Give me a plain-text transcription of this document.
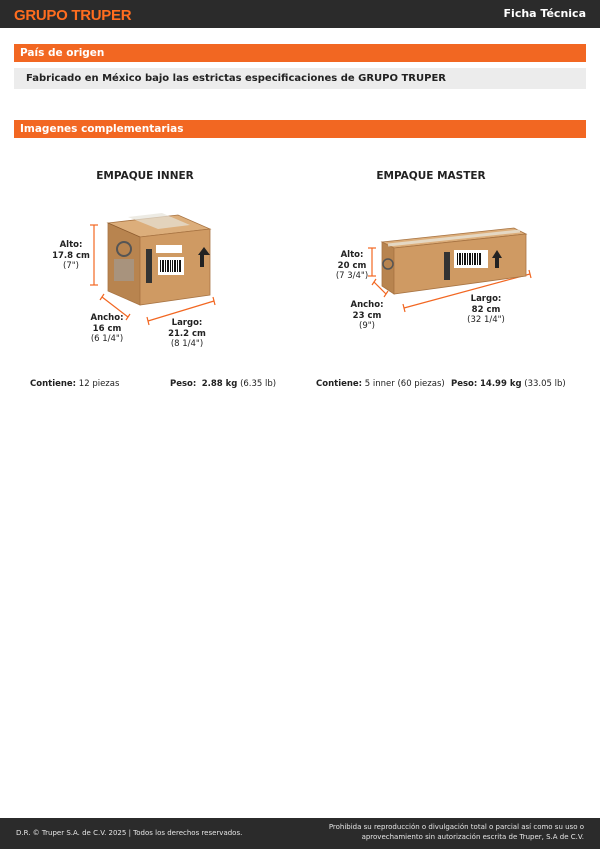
GRUPO TRUPER	Ficha Técnica
País de origen
Fabricado en México bajo las estrictas especificaciones de GRUPO TRUPER
Imagenes complementarias
EMPAQUE INNER
Alto:
17.8 cm
(7")
Ancho:
16 cm
(6 1/4")
Largo:
21.2 cm
(8 1/4")
Contiene: 12 piezas	Peso: 2.88 kg (6.35 lb)
EMPAQUE MASTER
Alto:
20 cm
(7 3/4")
Ancho:
23 cm
(9")
Largo:
82 cm
(32 1/4")
Contiene: 5 inner (60 piezas) Peso: 14.99 kg (33.05 lb)
D.R. © Truper S.A. de C.V. 2025 | Todos los derechos reservados.
Prohibida su reproducción o divulgación total o parcial así como su uso o
aprovechamiento sin autorización escrita de Truper, S.A de C.V.
